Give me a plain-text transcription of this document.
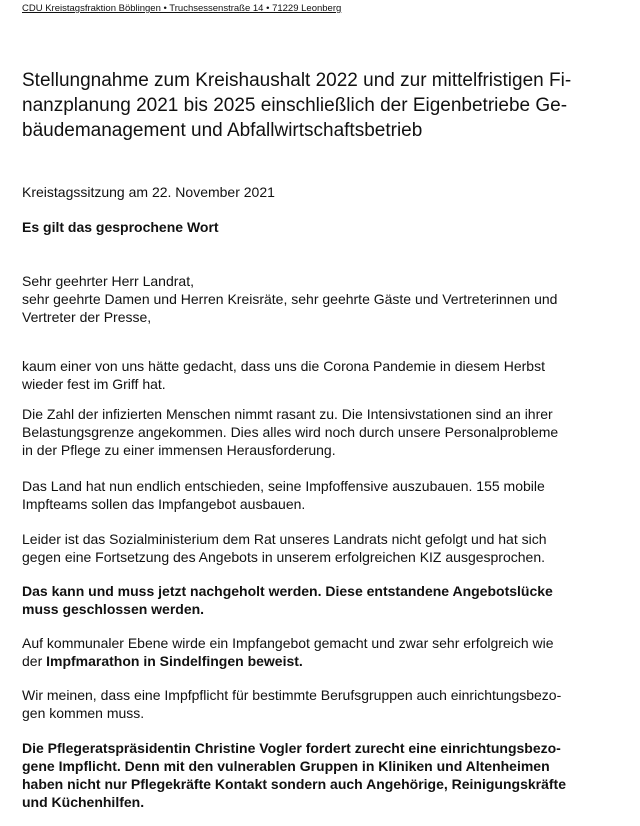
CDU Kreistagsfraktion Böblingen • Truchsessenstraße 14 • 71229 Leonberg
Stellungnahme zum Kreishaushalt 2022 und zur mittelfristigen Fi-
nanzplanung 2021 bis 2025 einschließlich der Eigenbetriebe Ge-
bäudemanagement und Abfallwirtschaftsbetrieb
Kreistagssitzung am 22. November 2021
Es gilt das gesprochene Wort
Sehr geehrter Herr Landrat,
sehr geehrte Damen und Herren Kreisräte, sehr geehrte Gäste und Vertreterinnen und
Vertreter der Presse,
kaum einer von uns hätte gedacht, dass uns die Corona Pandemie in diesem Herbst
wieder fest im Griff hat.
Die Zahl der infizierten Menschen nimmt rasant zu. Die Intensivstationen sind an ihrer
Belastungsgrenze angekommen. Dies alles wird noch durch unsere Personalprobleme
in der Pflege zu einer immensen Herausforderung.
Das Land hat nun endlich entschieden, seine Impfoffensive auszubauen. 155 mobile
Impfteams sollen das Impfangebot ausbauen.
Leider ist das Sozialministerium dem Rat unseres Landrats nicht gefolgt und hat sich
gegen eine Fortsetzung des Angebots in unserem erfolgreichen KIZ ausgesprochen.
Das kann und muss jetzt nachgeholt werden. Diese entstandene Angebotslücke
muss geschlossen werden.
Auf kommunaler Ebene wirde ein Impfangebot gemacht und zwar sehr erfolgreich wie
der Impfmarathon in Sindelfingen beweist.
Wir meinen, dass eine Impfpflicht für bestimmte Berufsgruppen auch einrichtungsbezo-
gen kommen muss.
Die Pflegeratspräsidentin Christine Vogler fordert zurecht eine einrichtungsbezo-
gene Impflicht. Denn mit den vulnerablen Gruppen in Kliniken und Altenheimen
haben nicht nur Pflegekräfte Kontakt sondern auch Angehörige, Reinigungskräfte
und Küchenhilfen.
